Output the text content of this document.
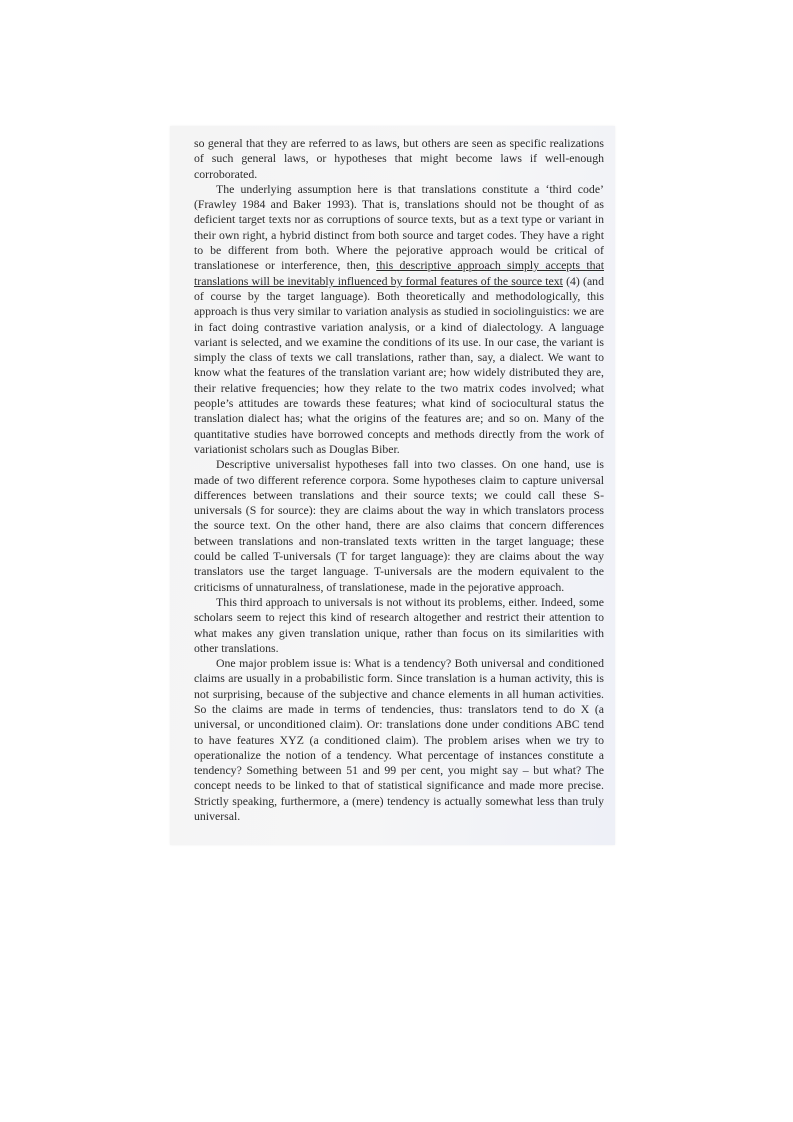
so general that they are referred to as laws, but others are seen as specific realizations of such general laws, or hypotheses that might become laws if well-enough corroborated.

The underlying assumption here is that translations constitute a ‘third code’ (Frawley 1984 and Baker 1993). That is, translations should not be thought of as deficient target texts nor as corruptions of source texts, but as a text type or variant in their own right, a hybrid distinct from both source and target codes. They have a right to be different from both. Where the pejorative approach would be critical of translationese or interference, then, this descriptive approach simply accepts that translations will be inevitably influenced by formal features of the source text (4) (and of course by the target language). Both theoretically and methodologically, this approach is thus very similar to variation analysis as studied in sociolinguistics: we are in fact doing contrastive variation analysis, or a kind of dialectology. A language variant is selected, and we examine the conditions of its use. In our case, the variant is simply the class of texts we call translations, rather than, say, a dialect. We want to know what the features of the translation variant are; how widely distributed they are, their relative frequencies; how they relate to the two matrix codes involved; what people’s attitudes are towards these features; what kind of sociocultural status the translation dialect has; what the origins of the features are; and so on. Many of the quantitative studies have borrowed concepts and methods directly from the work of variationist scholars such as Douglas Biber.

Descriptive universalist hypotheses fall into two classes. On one hand, use is made of two different reference corpora. Some hypotheses claim to capture universal differences between translations and their source texts; we could call these S-universals (S for source): they are claims about the way in which translators process the source text. On the other hand, there are also claims that concern differences between translations and non-translated texts written in the target language; these could be called T-universals (T for target language): they are claims about the way translators use the target language. T-universals are the modern equivalent to the criticisms of unnaturalness, of translationese, made in the pejorative approach.

This third approach to universals is not without its problems, either. Indeed, some scholars seem to reject this kind of research altogether and restrict their attention to what makes any given translation unique, rather than focus on its similarities with other translations.

One major problem issue is: What is a tendency? Both universal and conditioned claims are usually in a probabilistic form. Since translation is a human activity, this is not surprising, because of the subjective and chance elements in all human activities. So the claims are made in terms of tendencies, thus: translators tend to do X (a universal, or unconditioned claim). Or: translations done under conditions ABC tend to have features XYZ (a conditioned claim). The problem arises when we try to operationalize the notion of a tendency. What percentage of instances constitute a tendency? Something between 51 and 99 per cent, you might say – but what? The concept needs to be linked to that of statistical significance and made more precise. Strictly speaking, furthermore, a (mere) tendency is actually somewhat less than truly universal.
